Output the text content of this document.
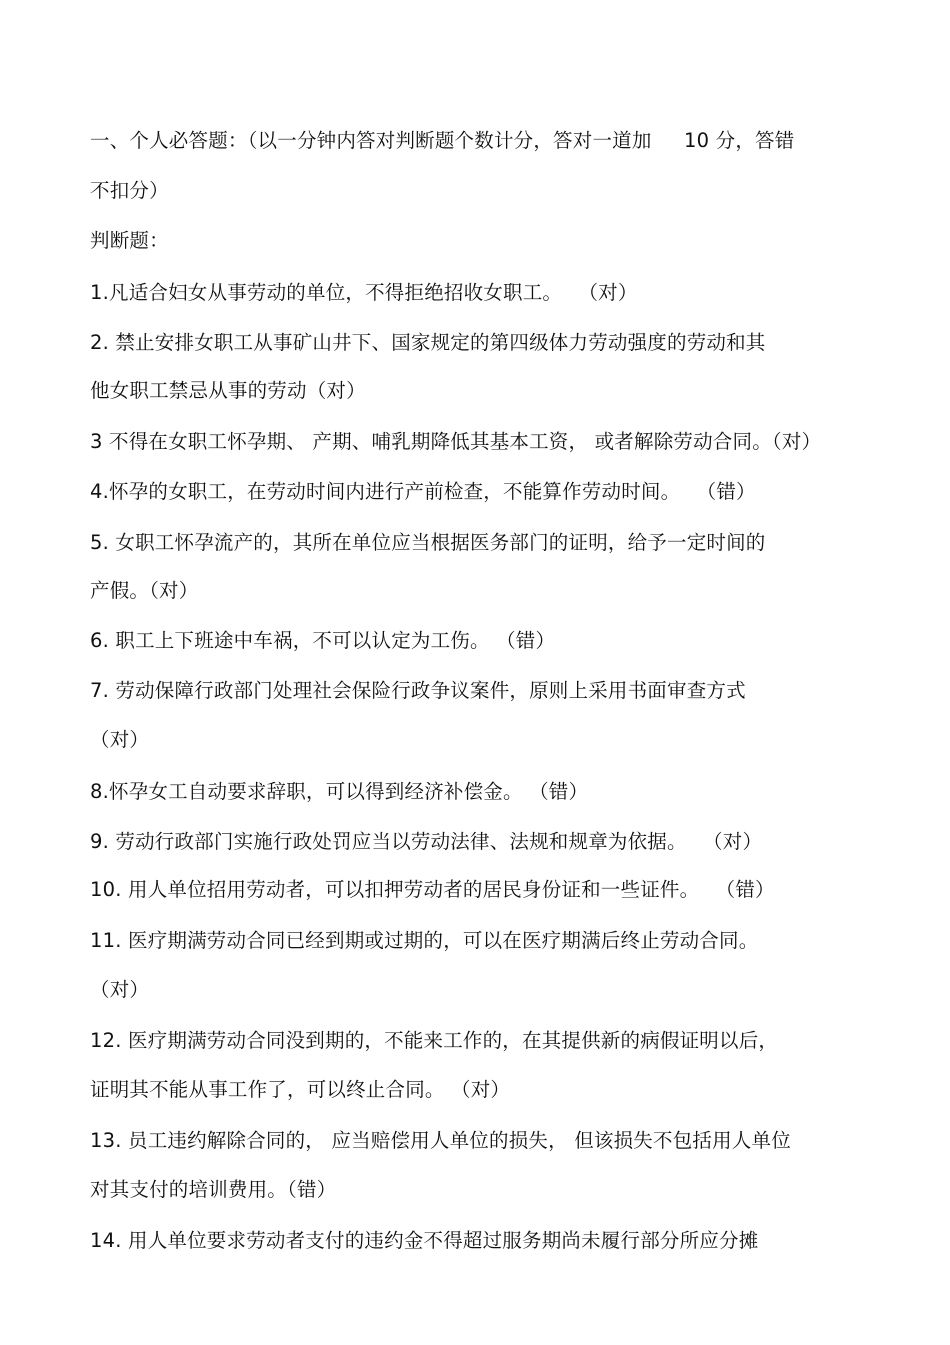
一、个人必答题：（以一分钟内答对判断题个数计分，答对一道加 　 10 分，答错
不扣分）
判断题：
1.凡适合妇女从事劳动的单位，不得拒绝招收女职工。 　（对）
2. 禁止安排女职工从事矿山井下、国家规定的第四级体力劳动强度的劳动和其
他女职工禁忌从事的劳动（对）
3 不得在女职工怀孕期、 产期、哺乳期降低其基本工资， 或者解除劳动合同。（对）
4.怀孕的女职工，在劳动时间内进行产前检查，不能算作劳动时间。 　（错）
5. 女职工怀孕流产的，其所在单位应当根据医务部门的证明，给予一定时间的
产假。（对）
6. 职工上下班途中车祸，不可以认定为工伤。 （错）
7. 劳动保障行政部门处理社会保险行政争议案件，原则上采用书面审查方式
（对）
8.怀孕女工自动要求辞职，可以得到经济补偿金。 （错）
9. 劳动行政部门实施行政处罚应当以劳动法律、法规和规章为依据。 　（对）
10. 用人单位招用劳动者，可以扣押劳动者的居民身份证和一些证件。 　（错）
11. 医疗期满劳动合同已经到期或过期的，可以在医疗期满后终止劳动合同。
（对）
12. 医疗期满劳动合同没到期的，不能来工作的，在其提供新的病假证明以后，
证明其不能从事工作了，可以终止合同。 （对）
13. 员工违约解除合同的， 应当赔偿用人单位的损失， 但该损失不包括用人单位
对其支付的培训费用。（错）
14. 用人单位要求劳动者支付的违约金不得超过服务期尚未履行部分所应分摊
